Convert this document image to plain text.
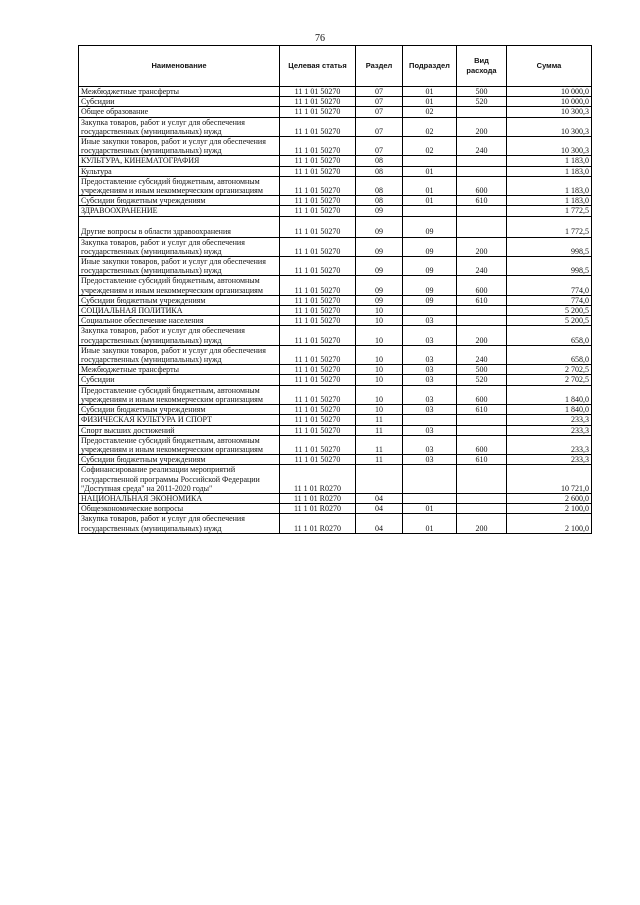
76
Наименование	Целевая статья	Раздел	Подраздел	Вид расхода	Сумма
Межбюджетные трансферты	11 1 01 50270	07	01	500	10 000,0
Субсидии	11 1 01 50270	07	01	520	10 000,0
Общее образование	11 1 01 50270	07	02		10 300,3
Закупка товаров, работ и услуг для обеспечения государственных (муниципальных) нужд	11 1 01 50270	07	02	200	10 300,3
Иные закупки товаров, работ и услуг для обеспечения государственных (муниципальных) нужд	11 1 01 50270	07	02	240	10 300,3
КУЛЬТУРА, КИНЕМАТОГРАФИЯ	11 1 01 50270	08			1 183,0
Культура	11 1 01 50270	08	01		1 183,0
Предоставление субсидий бюджетным, автономным учреждениям и иным некоммерческим организациям	11 1 01 50270	08	01	600	1 183,0
Субсидии бюджетным учреждениям	11 1 01 50270	08	01	610	1 183,0
ЗДРАВООХРАНЕНИЕ	11 1 01 50270	09			1 772,5
Другие вопросы в области здравоохранения	11 1 01 50270	09	09		1 772,5
Закупка товаров, работ и услуг для обеспечения государственных (муниципальных) нужд	11 1 01 50270	09	09	200	998,5
Иные закупки товаров, работ и услуг для обеспечения государственных (муниципальных) нужд	11 1 01 50270	09	09	240	998,5
Предоставление субсидий бюджетным, автономным учреждениям и иным некоммерческим организациям	11 1 01 50270	09	09	600	774,0
Субсидии бюджетным учреждениям	11 1 01 50270	09	09	610	774,0
СОЦИАЛЬНАЯ ПОЛИТИКА	11 1 01 50270	10			5 200,5
Социальное обеспечение населения	11 1 01 50270	10	03		5 200,5
Закупка товаров, работ и услуг для обеспечения государственных (муниципальных) нужд	11 1 01 50270	10	03	200	658,0
Иные закупки товаров, работ и услуг для обеспечения государственных (муниципальных) нужд	11 1 01 50270	10	03	240	658,0
Межбюджетные трансферты	11 1 01 50270	10	03	500	2 702,5
Субсидии	11 1 01 50270	10	03	520	2 702,5
Предоставление субсидий бюджетным, автономным учреждениям и иным некоммерческим организациям	11 1 01 50270	10	03	600	1 840,0
Субсидии бюджетным учреждениям	11 1 01 50270	10	03	610	1 840,0
ФИЗИЧЕСКАЯ КУЛЬТУРА И СПОРТ	11 1 01 50270	11			233,3
Спорт высших достижений	11 1 01 50270	11	03		233,3
Предоставление субсидий бюджетным, автономным учреждениям и иным некоммерческим организациям	11 1 01 50270	11	03	600	233,3
Субсидии бюджетным учреждениям	11 1 01 50270	11	03	610	233,3
Софинансирование реализации мероприятий государственной программы Российской Федерации "Доступная среда" на 2011-2020 годы"	11 1 01 R0270				10 721,0
НАЦИОНАЛЬНАЯ ЭКОНОМИКА	11 1 01 R0270	04			2 600,0
Общеэкономические вопросы	11 1 01 R0270	04	01		2 100,0
Закупка товаров, работ и услуг для обеспечения государственных (муниципальных) нужд	11 1 01 R0270	04	01	200	2 100,0
